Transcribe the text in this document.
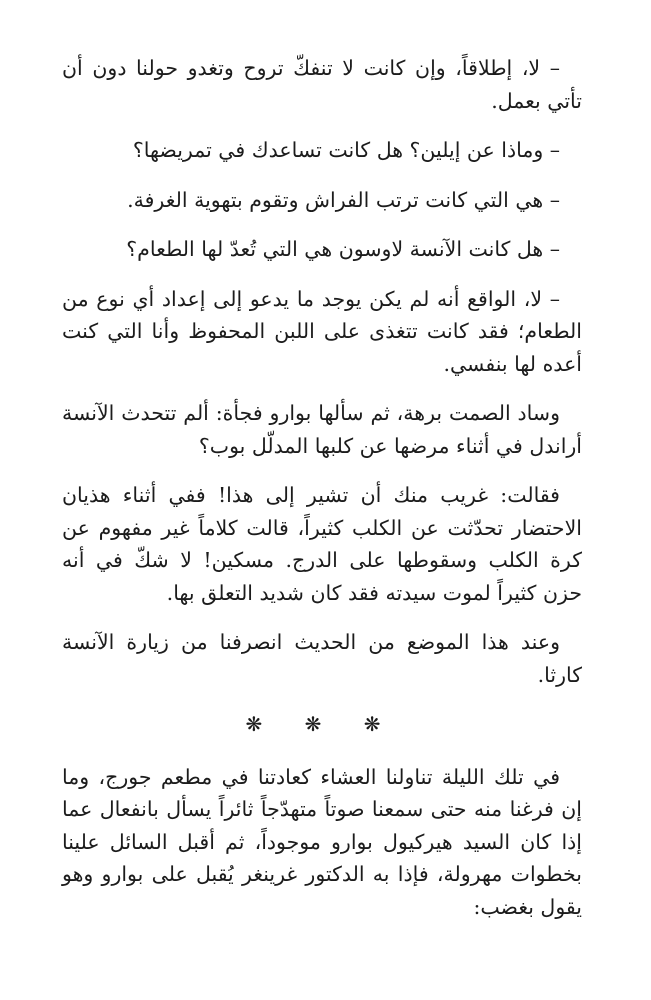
– لا، إطلاقاً، وإن كانت لا تنفكّ تروح وتغدو حولنا دون أن تأتي بعمل.

– وماذا عن إيلين؟ هل كانت تساعدك في تمريضها؟

– هي التي كانت ترتب الفراش وتقوم بتهوية الغرفة.

– هل كانت الآنسة لاوسون هي التي تُعدّ لها الطعام؟

– لا، الواقع أنه لم يكن يوجد ما يدعو إلى إعداد أي نوع من الطعام؛ فقد كانت تتغذى على اللبن المحفوظ وأنا التي كنت أعده لها بنفسي.

وساد الصمت برهة، ثم سألها بوارو فجأة: ألم تتحدث الآنسة أراندل في أثناء مرضها عن كلبها المدلّل بوب؟

فقالت: غريب منك أن تشير إلى هذا! ففي أثناء هذيان الاحتضار تحدّثت عن الكلب كثيراً، قالت كلاماً غير مفهوم عن كرة الكلب وسقوطها على الدرج. مسكين! لا شكّ في أنه حزن كثيراً لموت سيدته فقد كان شديد التعلق بها.

وعند هذا الموضع من الحديث انصرفنا من زيارة الآنسة كارثا.

❋ ❋ ❋

في تلك الليلة تناولنا العشاء كعادتنا في مطعم جورج، وما إن فرغنا منه حتى سمعنا صوتاً متهدّجاً ثائراً يسأل بانفعال عما إذا كان السيد هيركيول بوارو موجوداً، ثم أقبل السائل علينا بخطوات مهرولة، فإذا به الدكتور غرينغر يُقبل على بوارو وهو يقول بغضب:
